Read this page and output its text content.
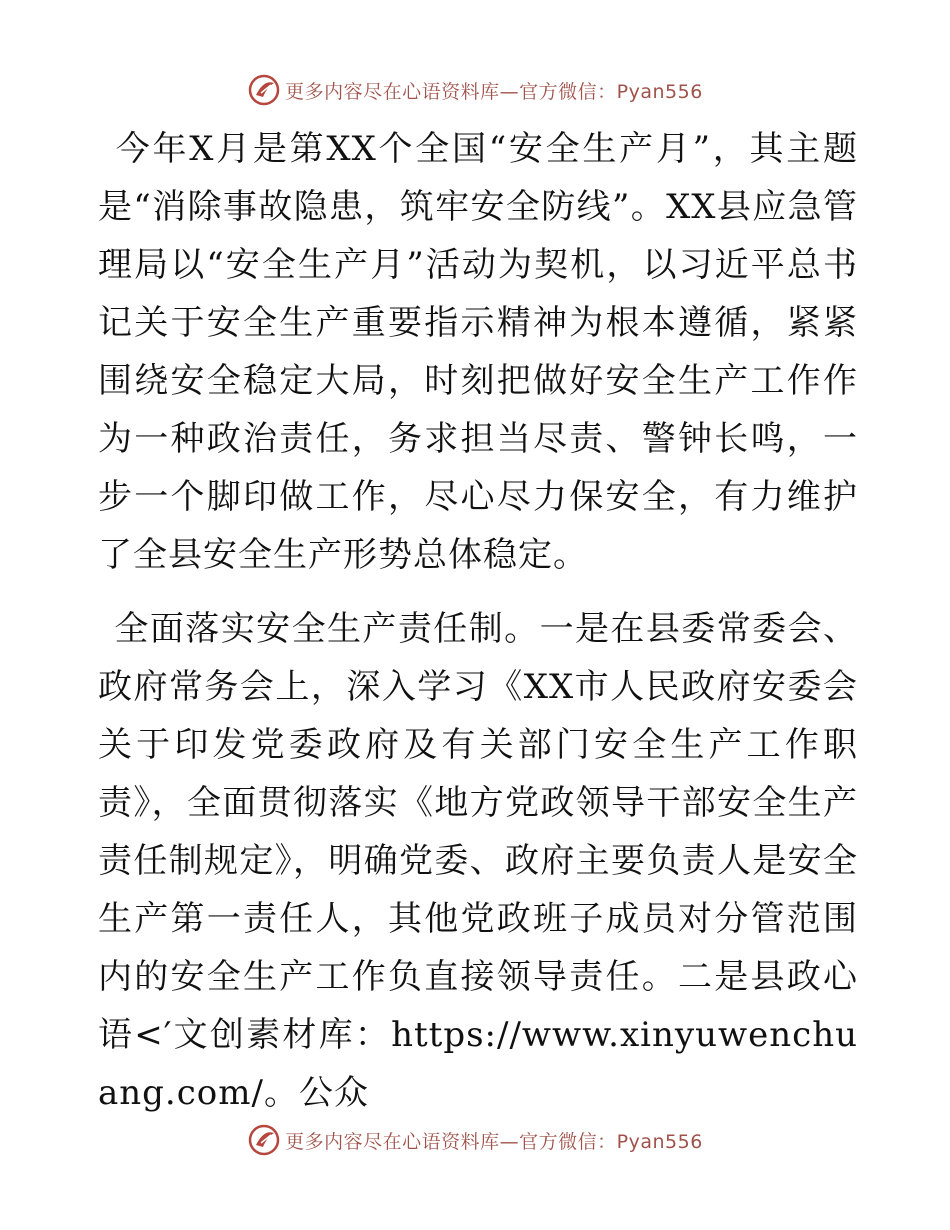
更多内容尽在心语资料库—官方微信：Pyan556

今年X月是第XX个全国“安全生产月”，其主题是“消除事故隐患，筑牢安全防线”。XX县应急管理局以“安全生产月”活动为契机，以习近平总书记关于安全生产重要指示精神为根本遵循，紧紧围绕安全稳定大局，时刻把做好安全生产工作作为一种政治责任，务求担当尽责、警钟长鸣，一步一个脚印做工作，尽心尽力保安全，有力维护了全县安全生产形势总体稳定。

全面落实安全生产责任制。一是在县委常委会、政府常务会上，深入学习《XX市人民政府安委会关于印发党委政府及有关部门安全生产工作职责》，全面贯彻落实《地方党政领导干部安全生产责任制规定》，明确党委、政府主要负责人是安全生产第一责任人，其他党政班子成员对分管范围内的安全生产工作负直接领导责任。二是县政心语<′文创素材库：https://www.xinyuwenchuang.com/。公众

更多内容尽在心语资料库—官方微信：Pyan556
